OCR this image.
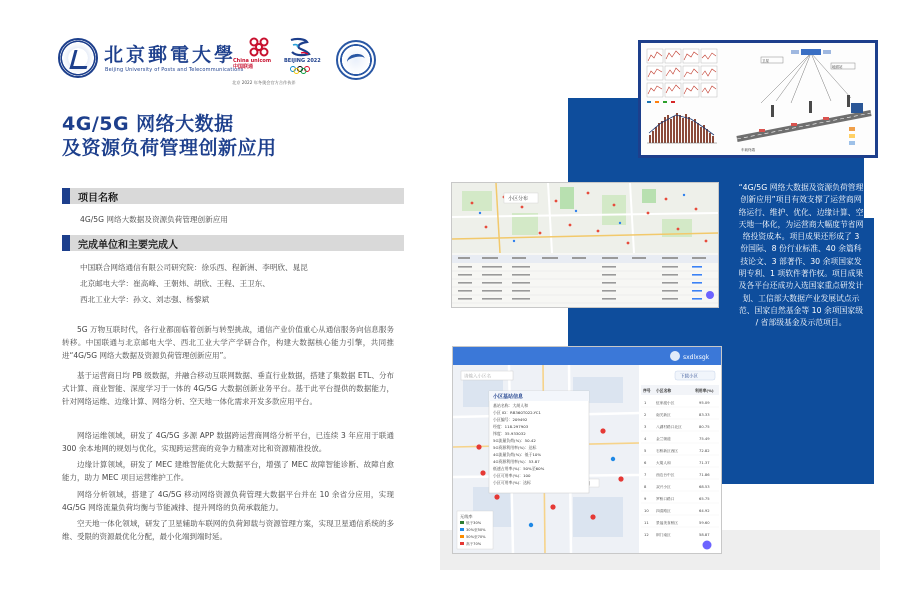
北京郵電大學
Beijing University of Posts and Telecommunications
China unicom
中国联通
BEIJING 2022
北京 2022 年冬奥会官方合作伙伴
4G/5G 网络大数据
及资源负荷管理创新应用
项目名称
4G/5G 网络大数据及资源负荷管理创新应用
完成单位和主要完成人
中国联合网络通信有限公司研究院：徐乐西、程新洲、李明欣、晁昆
北京邮电大学：崔高峰、王朝炜、胡欣、王程、王卫东、
西北工业大学：孙文、刘志强、杨黎斌
5G 万物互联时代，各行业都面临着创新与转型挑战，通信产业价值重心从通信服务向信息服务转移。中国联通与北京邮电大学、西北工业大学产学研合作，构建大数据核心能力引擎，共同推进“4G/5G 网络大数据及资源负荷管理创新应用”。
基于运营商日均 PB 级数据，并融合移动互联网数据、垂直行业数据，搭建了集数据 ETL、分布式计算、商业智能、深度学习于一体的 4G/5G 大数据创新业务平台。基于此平台提供的数据能力，针对网络运维、边缘计算、网络分析、空天地一体化需求开发多款应用平台。
网络运维领域，研发了 4G/5G 多源 APP 数据跨运营商网络分析平台，已连续 3 年应用于联通 300 余本地网的规划与优化，实现跨运营商的竞争力精准对比和资源精准投放。
边缘计算领域，研发了 MEC 建维智能优化大数据平台，增强了 MEC 故障智能诊断、故障自愈能力，助力 MEC 项目运营维护工作。
网络分析领域，搭建了 4G/5G 移动网络资源负荷管理大数据平台并在 10 余省分应用，实现 4G/5G 网络流量负荷均衡与节能减排、提升网络的负荷承载能力。
空天地一体化领域，研发了卫星辅助车联网的负荷卸载与资源管理方案，实现卫星通信系统的多维、受限的资源最优化分配，最小化端到端时延。
“4G/5G 网络大数据及资源负荷管理创新应用”项目有效支撑了运营商网络运行、维护、优化、边缘计算、空天地一体化，为运营商大幅度节省网络投资成本。项目成果还形成了 3 份国际、8 份行业标准、40 余篇科技论文、3 部著作、30 余项国家发明专利、1 项软件著作权。项目成果及各平台还成功入选国家重点研发计划、工信部大数据产业发展试点示范、国家自然基金等 10 余项国家级 / 省部级基金及示范项目。
卫星
地面站
车载终端
小区分布
sxdlxsgk
请输入小区名
小区基站信息
基站名称：大胡人和
小区 ID：RB360T022-YC1
小区编号：209492
经度：118.297903
纬度：35.933032
5G流量负荷(%)：50.42
5G资源利用率(%)：达标
4G流量负荷(%)：低于10%
4G资源利用率(%)：53.87
低速占用率(%)：50%至60%
小区可用率(%)：100
小区可用率(%)：达标
无线率
低于30%
30%至50%
50%至70%
高于70%
下载小区
序号 小区名称	利用率(%)
1	伍家渡小区	95.09
2	南关新区	83.33
3	八湖村路口北区	80.75
4	金兰街道	75.49
5	石桥新区西区	72.82
6	大胡人和	71.37
7	西边台中区	71.86
8	双兴小区	68.53
9	罗桥口路口	65.75
10 四清路区	64.92
11 景福美食桥区	59.60
12 荆门南区	58.87
